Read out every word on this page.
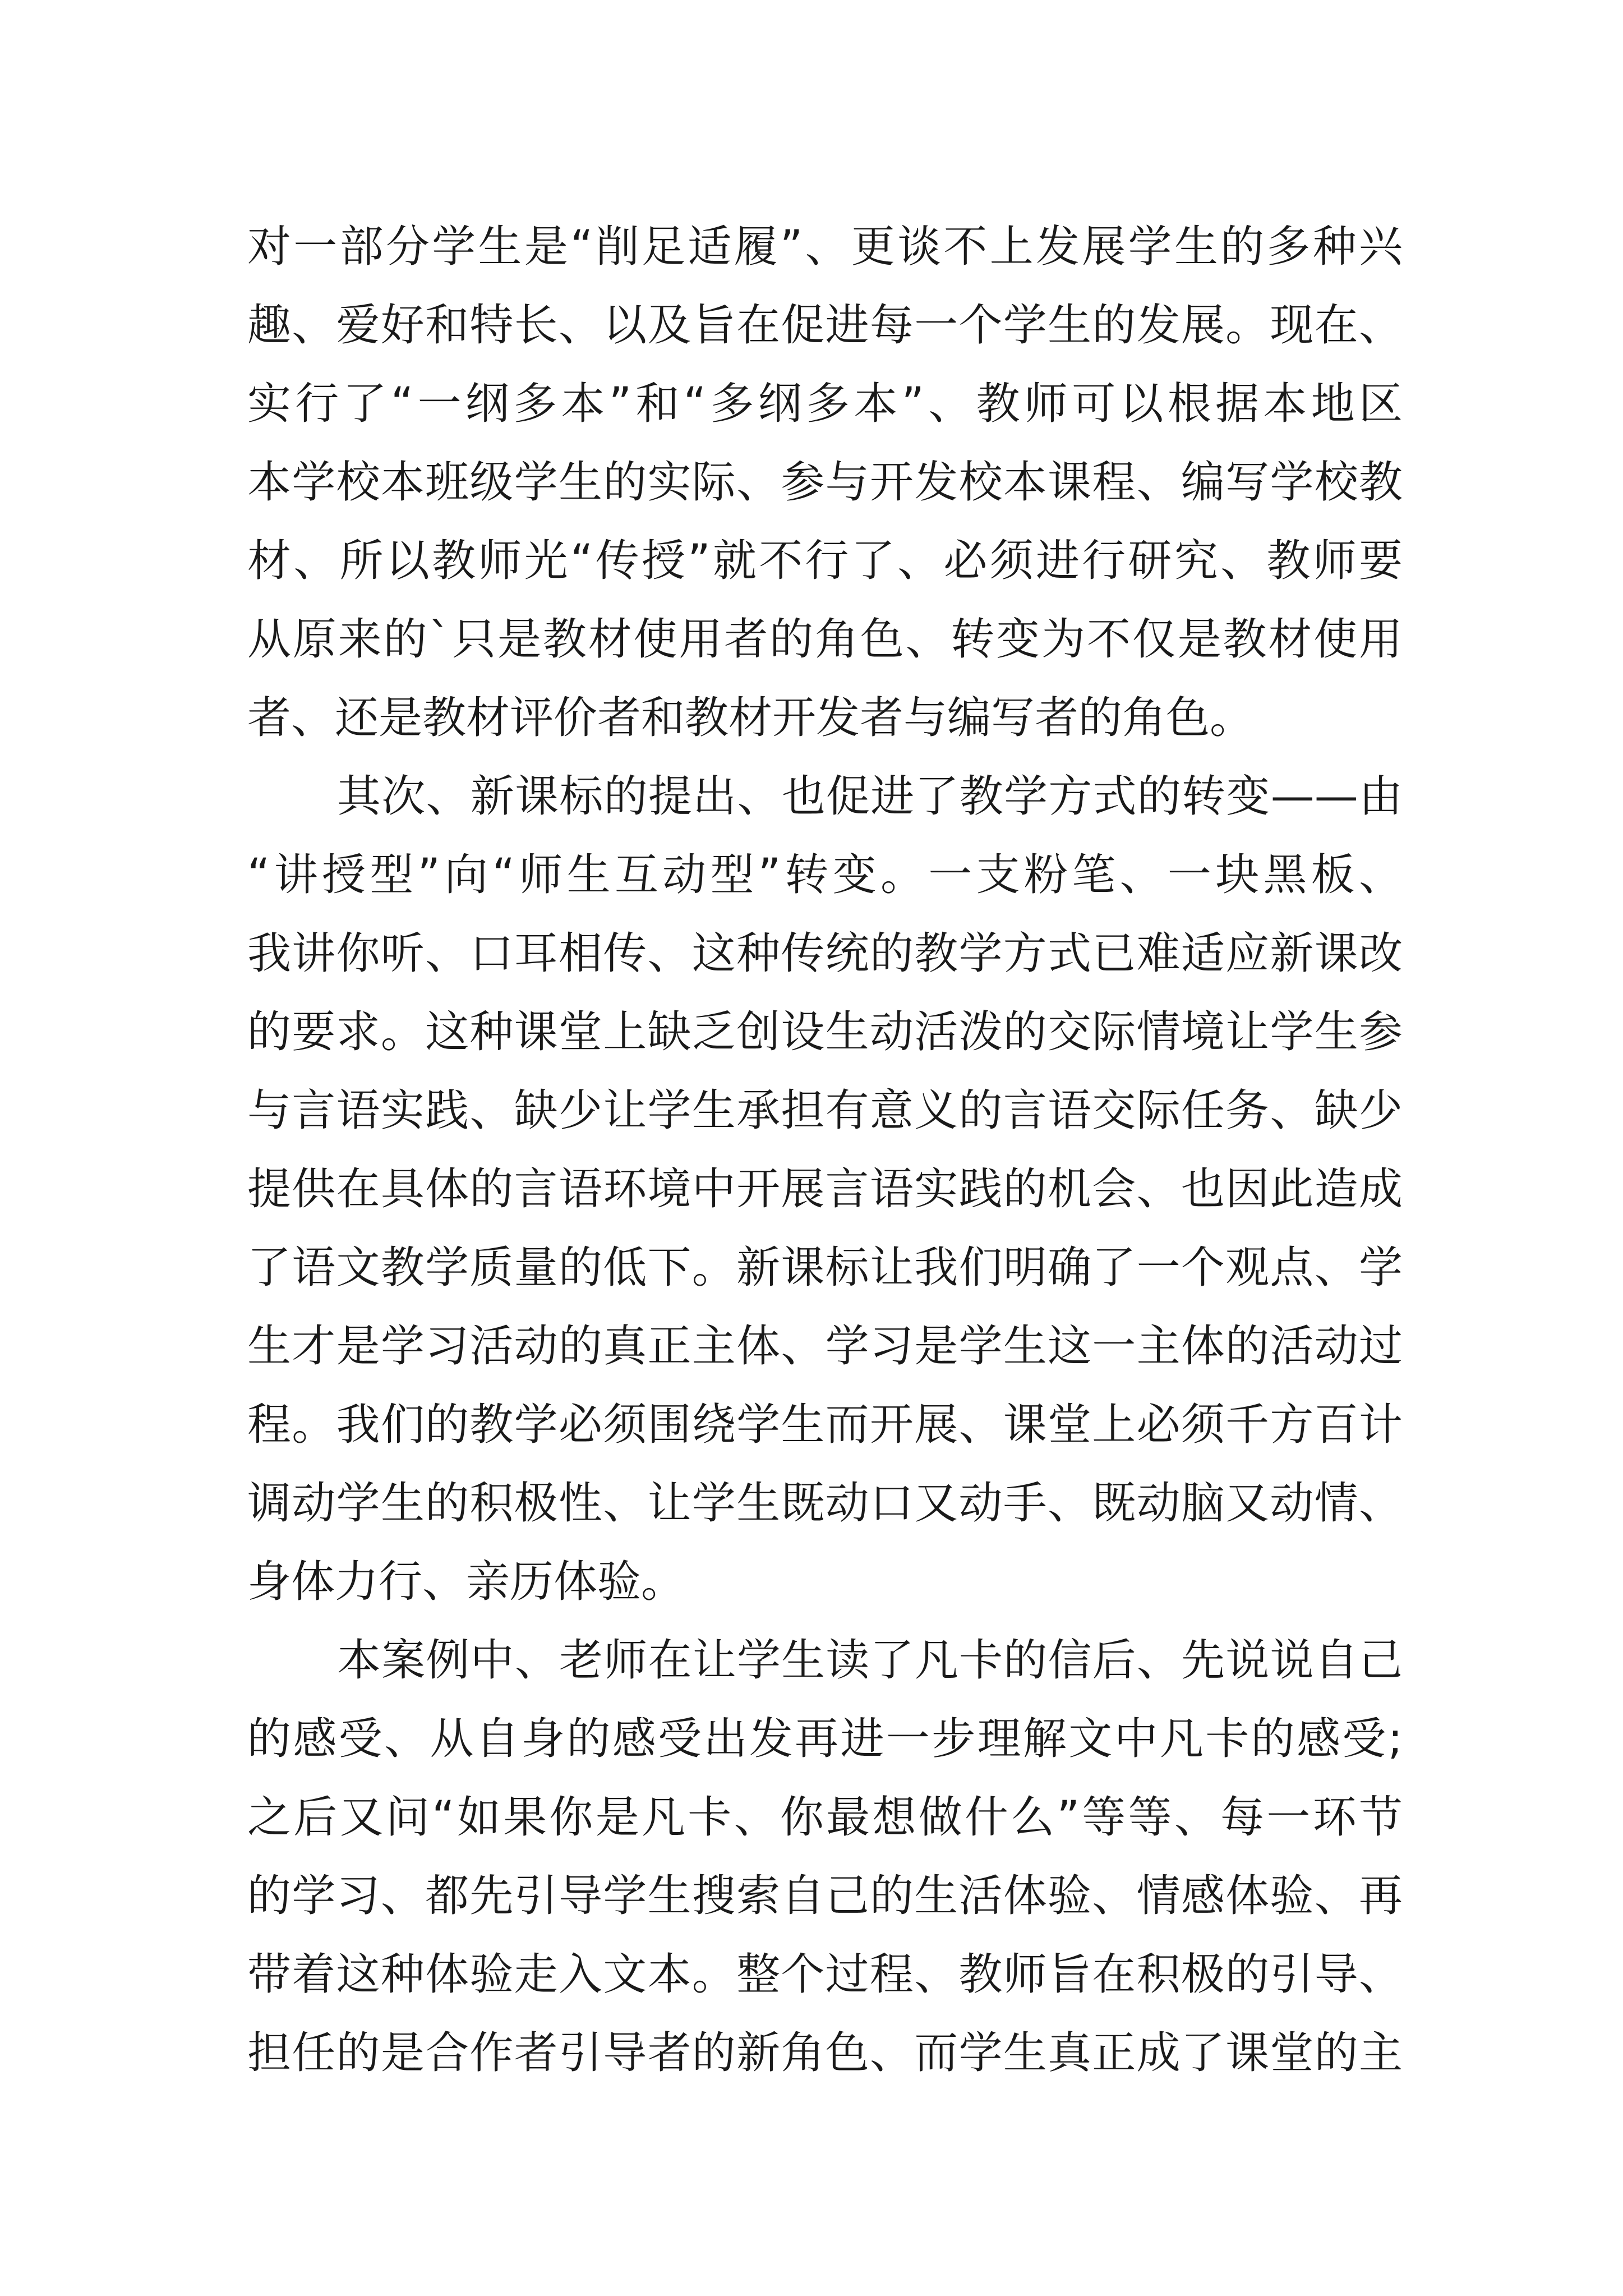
对一部分学生是“削足适履”、更谈不上发展学生的多种兴
趣、爱好和特长、以及旨在促进每一个学生的发展。现在、
实行了“一纲多本”和“多纲多本”、教师可以根据本地区
本学校本班级学生的实际、参与开发校本课程、编写学校教
材、所以教师光“传授”就不行了、必须进行研究、教师要
从原来的`只是教材使用者的角色、转变为不仅是教材使用
者、还是教材评价者和教材开发者与编写者的角色。
其次、新课标的提出、也促进了教学方式的转变——由
“讲授型”向“师生互动型”转变。一支粉笔、一块黑板、
我讲你听、口耳相传、这种传统的教学方式已难适应新课改
的要求。这种课堂上缺乏创设生动活泼的交际情境让学生参
与言语实践、缺少让学生承担有意义的言语交际任务、缺少
提供在具体的言语环境中开展言语实践的机会、也因此造成
了语文教学质量的低下。新课标让我们明确了一个观点、学
生才是学习活动的真正主体、学习是学生这一主体的活动过
程。我们的教学必须围绕学生而开展、课堂上必须千方百计
调动学生的积极性、让学生既动口又动手、既动脑又动情、
身体力行、亲历体验。
本案例中、老师在让学生读了凡卡的信后、先说说自己
的感受、从自身的感受出发再进一步理解文中凡卡的感受;
之后又问“如果你是凡卡、你最想做什么”等等、每一环节
的学习、都先引导学生搜索自己的生活体验、情感体验、再
带着这种体验走入文本。整个过程、教师旨在积极的引导、
担任的是合作者引导者的新角色、而学生真正成了课堂的主
